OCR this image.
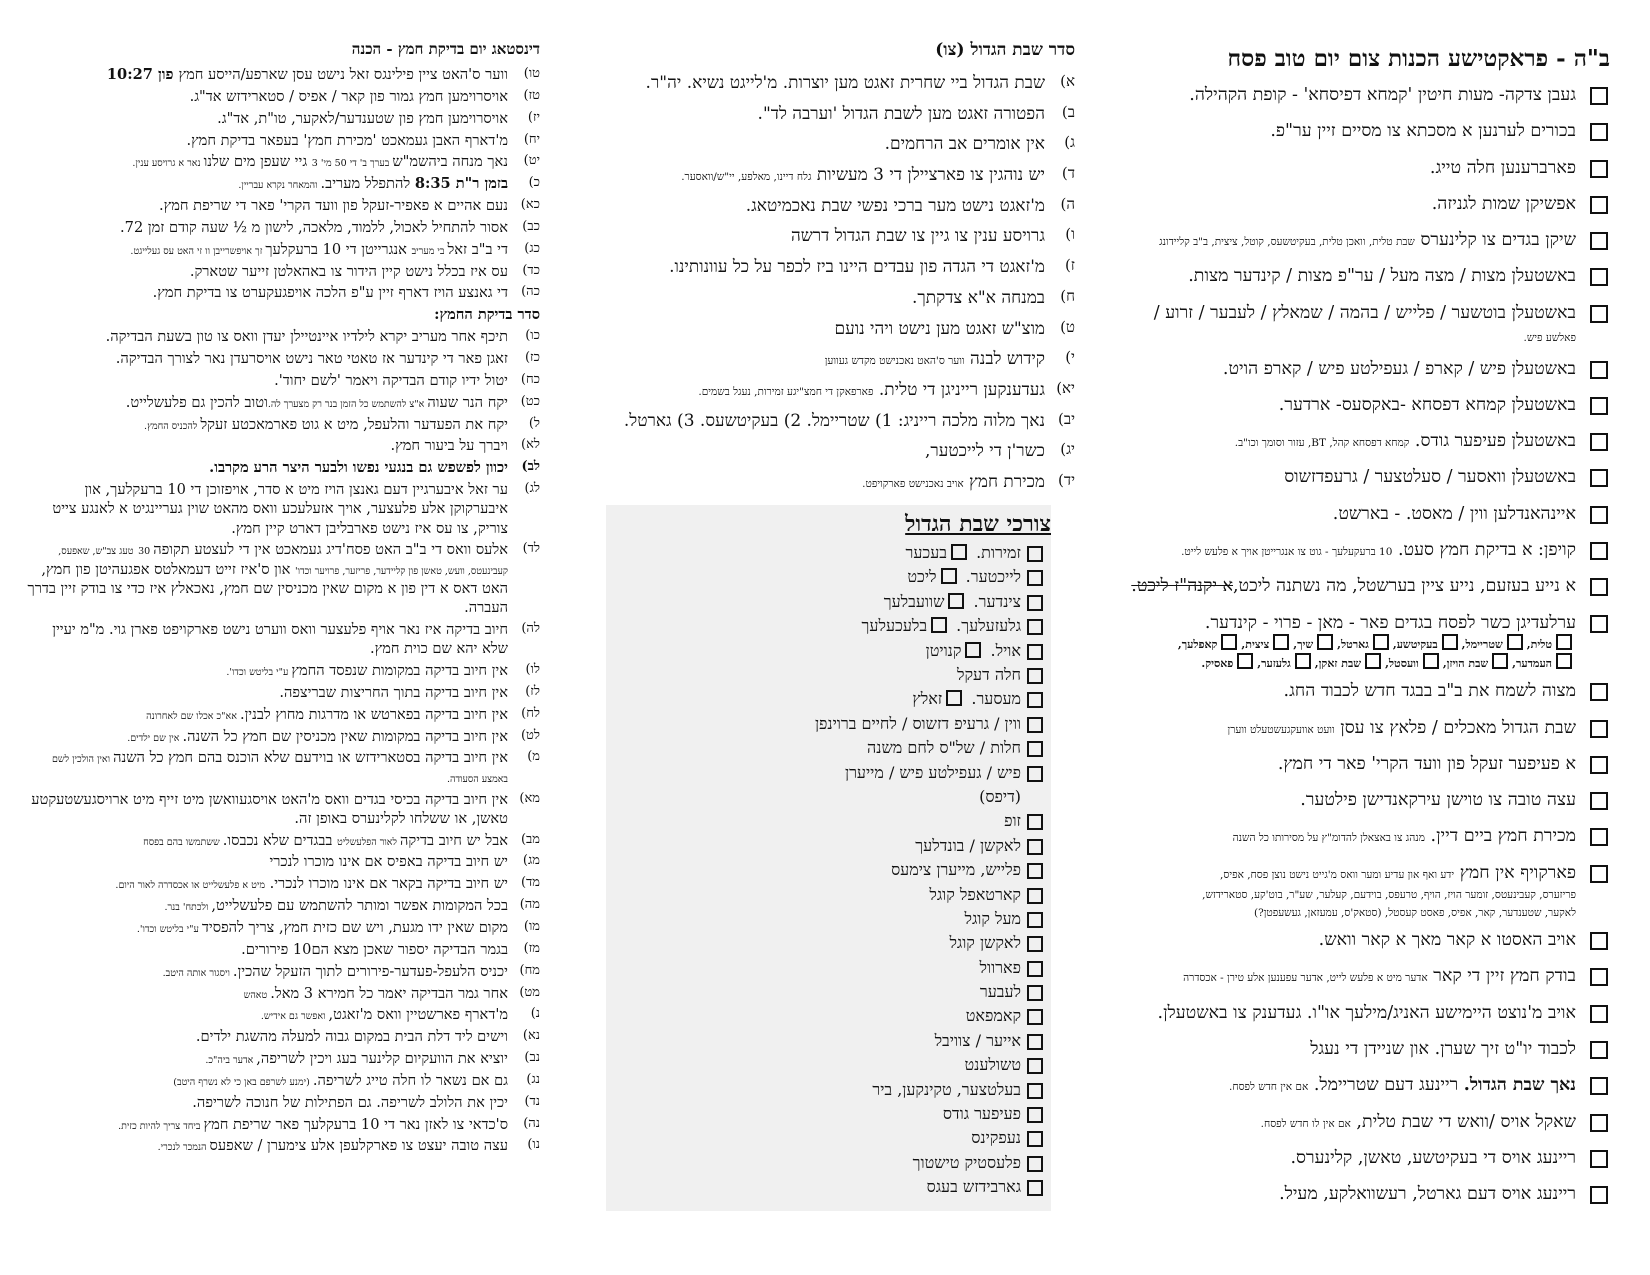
ב"ה - פראקטישע הכנות צום יום טוב פסח
געבן צדקה- מעות חיטין 'קמחא דפיסחא' - קופת הקהילה.
בכורים לערנען א מסכתא צו מסיים זיין ער"פ.
פארברענען חלה טייג.
אפשיקן שמות לגניזה.
שיקן בגדים צו קלינערס שבת טלית, וואכן טלית, בעקיטשעס, קוטל, ציצית, ב"ב קליידונג
באשטעלן מצות / מצה מעל / ער"פ מצות / קינדער מצות.
באשטעלן בוטשער / פלייש / בהמה / שמאלץ / לעבער / זרוע / פאלשע פיש.
באשטעלן פיש / קארפ / געפילטע פיש / קארפ הויט.
באשטעלן קמחא דפסחא -באקסעס- ארדער.
באשטעלן פעיפער גודס. קמחא דפסחא קהל, BT, עזור וסומך וכו"ב.
באשטעלן וואסער / סעלטצער / גרעפדזשוס
איינהאנדלען ווין / מאסט. - בארשט.
קויפן: א בדיקת חמץ סעט. 10 ברעקעלעך - גוט צו אנגרייטן אויך א פלעש לייט.
א נייע בעזעם, נייע ציין בערשטל, מה נשתנה ליכט,א יקנה"ז ליכט.
ערלעדיגן כשר לפסח בגדים פאר - מאן - פרוי - קינדער.
טלית,שטריימל,בעקיטשע,גארטל,שיך,ציצית,קאפלעך,
העמדער,שבת הויזן,וועסטל,שבת זאקן,גלעזער,פאסיק.
מצוה לשמח את ב"ב בבגד חדש לכבוד החג.
שבת הגדול מאכלים / פלאץ צו עסן וועט אוועקגעשטעלט ווערן
א פעיפער זעקל פון וועד הקרי' פאר די חמץ.
עצה טובה צו טוישן עירקאנדישן פילטער.
מכירת חמץ ביים דיין. מנהג צו באצאלן להדומ"ץ על מסירותו כל השנה
פארקויף אין חמץ ידע ואף און עדיע ומער וואס מ'גייט נישט נוצן פסח, אפיס,
פריזערס, קעבינעטס, זומער הויז, הויף, טרעפס, בוידעם, קעלער, שע"ר, בוט'קע, סטארידזש,
לאקער, שטענדער, קאר, אפיס, פאסט קעסטל, (סטאק'ס, עמעזאן, געשעפטן?)
אויב האסטו א קאר מאך א קאר וואש.
בודק חמץ זיין די קאר אדער מיט א פלעש לייט, אדער עפענען אלע טירן - אכסדרה
אויב מ'נוצט היימישע האניג/מילעך או"ו. געדענק צו באשטעלן.
לכבוד יו"ט זיך שערן. און שניידן די נעגל
נאך שבת הגדול. ריינעג דעם שטריימל. אם אין חדש לפסח.
שאקל אויס /וואש די שבת טלית, אם אין לו חדש לפסח.
ריינעג אויס די בעקיטשע, טאשן, קלינערס.
ריינעג אויס דעם גארטל, רעשוואלקע, מעיל.
סדר שבת הגדול (צו)
א)
שבת הגדול ביי שחרית זאגט מען יוצרות. מ'לייגט נשיא. יה"ר.
ב)
הפטורה זאגט מען לשבת הגדול 'וערבה לד".
ג)
אין אומרים אב הרחמים.
ד)
יש נוהגין צו פארציילן די 3 מעשיות גלח דיינו, מאלפע, יי"ש/וואסער.
ה)
מ'זאגט נישט מער ברכי נפשי שבת נאכמיטאג.
ו)
גרויסע ענין צו גיין צו שבת הגדול דרשה
ז)
מ'זאגט די הגדה פון עבדים היינו ביז לכפר על כל עוונותינו.
ח)
במנחה א"א צדקתך.
ט)
מוצ"ש זאגט מען נישט ויהי נועם
י)
קידוש לבנה ווער ס'האט נאכנישט מקדש געווען
יא)
געדענקען רייניגן די טלית. פארפאקן די חמצ"יגע זמירות, נעגל בשמים.
יב)
נאך מלוה מלכה רייניג: 1) שטריימל. 2) בעקיטשעס. 3) גארטל.
יג)
כשר'ן די לייכטער,
יד)
מכירת חמץ אויב נאכנישט פארקויפט.
צורכי שבת הגדול
זמירות. בעכער
לייכטער. ליכט
צינדער. שוועבלעך
גלעזעלעך. בלעכעלעך
אויל. קנויטן
חלה דעקל
מעסער. זאלץ
ווין / גרעיפ דזשוס / לחיים ברוינפן
חלות / של"ס לחם משנה
פיש / געפילטע פיש / מייערן
(דיפס)
זופ
לאקשן / בונדלעך
פלייש, מייערן צימעס
קארטאפל קוגל
מעל קוגל
לאקשן קוגל
פארוול
לעבער
קאמפאט
אייער / צוויבל
טשולענט
בעלטצער, טקינקען, ביר
פעיפער גודס
נעפקינס
פלעסטיק טישטוך
גארבידזש בעגס
דינסטאג יום בדיקת חמץ - הכנה
טו)
ווער ס'האט ציין פילינגס זאל נישט עסן שארפע/הייסע חמץ פון 10:27
טז)
אויסרוימען חמץ גמור פון קאר / אפיס / סטארידזש אד"ג.
יז)
אויסרוימען חמץ פון שטענדער/לאקער, טו"ת, אד"ג.
יח)
מ'דארף האבן געמאכט 'מכירת חמץ' בעפאר בדיקת חמץ.
יט)
נאך מנחה ביהשמ"ש בערך ב' די 50 מי' 3 גיי שעפן מים שלנו נאר א גרויסע ענין.
כ)
בזמן ר"ת 8:35 להתפלל מעריב. והמאחר נקרא עבריין.
כא)
נעם אהיים א פאפיר-זעקל פון וועד הקרי' פאר די שריפת חמץ.
כב)
אסור להתחיל לאכול, ללמוד, מלאכה, לישון מ ½ שעה קודם זמן 72.
כג)
די ב"ב זאל בי מעריב אנגרייטן די 10 ברעקלעך זך אויפשרייבן וו זי האט עס געלייגט.
כד)
עס איז בכלל נישט קיין הידור צו באהאלטן זייער שטארק.
כה)
די גאנצע הויז דארף זיין ע"פ הלכה אויפגעקערט צו בדיקת חמץ.
סדר בדיקת החמץ:
כו)
תיכף אחר מעריב יקרא לילדיו איינטיילן יעדן וואס צו טון בשעת הבדיקה.
כז)
זאגן פאר די קינדער אז טאטי טאר נישט אויסרעדן נאר לצורך הבדיקה.
כח)
יטול ידיו קודם הבדיקה ויאמר 'לשם יחוד'.
כט)
יקח הנר שעוה א"צ להשתמש כל הזמן בנר רק מצערך לה.וטוב להכין גם פלעשלייט.
ל)
יקח את הפעדער והלעפל, מיט א גוט פארמאכטע זעקל להכניס החמץ.
לא)
ויברך על ביעור חמץ.
לב)
יכוון לפשפש גם בנגעי נפשו ולבער היצר הרע מקרבו.
לג)
ער זאל איבערגיין דעם גאנצן הויז מיט א סדר, אויפזוכן די 10 ברעקלעך, און איבערקוקן אלע פלעצער, אויך אזעלעכע וואס מהאט שוין געריינגיט א לאנגע צייט צוריק, צו עס איז נישט פארבליבן דארט קיין חמץ.
לד)
אלעס וואס די ב"ב האט פסח'דיג געמאכט אין די לעצטע תקופה 30 טעג צב"ש, שאפעס, קעבינעטס, וועש, טאשן פון קליידער, פריזער, פרויער וכדו' און ס'איז זייט דעמאלטס אפגעהיטן פון חמץ, האט דאס א דין פון א מקום שאין מכניסין שם חמץ, נאכאלץ איז כדי צו בודק זיין בדרך העברה.
לה)
חיוב בדיקה איז נאר אויף פלעצער וואס ווערט נישט פארקויפט פארן גוי. מ"מ יעיין שלא יהא שם כוית חמץ.
לו)
אין חיוב בדיקה במקומות שנפסד החמץ ע"י בליטש וכדו'.
לז)
אין חיוב בדיקה בתוך החריצות שבריצפה.
לח)
אין חיוב בדיקה בפארטש או מדרגות מחוץ לבנין. אא"כ אכלו שם לאחרונה
לט)
אין חיוב בדיקה במקומות שאין מכניסין שם חמץ כל השנה. אין שם ילדים.
מ)
אין חיוב בדיקה בסטארידזש או בוידעם שלא הוכנס בהם חמץ כל השנה ואין הולכין לשם באמצע הסעודה.
מא)
אין חיוב בדיקה בכיסי בגדים וואס מ'האט אויסגעוואשן מיט זייף מיט ארויסגעשטעקטע טאשן, או ששלחו לקלינערס באופן זה.
מב)
אבל יש חיוב בדיקה לאור הפלעשליט בבגדים שלא נכבסו. ששתמשו בהם בפסח
מג)
יש חיוב בדיקה באפיס אם אינו מוכרו לנכרי
מד)
יש חיוב בדיקה בקאר אם אינו מוכרו לנכרי. מיט א פלעשלייט או אכסדרה לאור היום.
מה)
בכל המקומות אפשר ומותר להשתמש עם פלעשלייט, ולכתח' בנר.
מו)
מקום שאין ידו מגעת, ויש שם כזית חמץ, צריך להפסיד ע"י בליטש וכדו'.
מז)
בגמר הבדיקה יספור שאכן מצא הם10 פירורים.
מח)
יכניס הלעפל-פעדער-פירורים לתוך הזעקל שהכין. ויסגור אותה היטב.
מט)
אחר גמר הבדיקה יאמר כל חמירא 3 מאל. טאהש
נ)
מ'דארף פארשטיין וואס מ'זאגט, ואפשר גם אידיש.
נא)
וישים ליד דלת הבית במקום גבוה למעלה מהשגת ילדים.
נב)
יוציא את הוועקיום קלינער בעג ויכין לשריפה, אדער ביה"כ.
נג)
גם אם נשאר לו חלה טייג לשריפה. (ימנע לשרפם באן כי לא נשרף היטב)
נד)
יכין את הלולב לשריפה. גם הפתילות של חנוכה לשריפה.
נה)
ס'כדאי צו לאזן נאר די 10 ברעקלעך פאר שריפת חמץ ביחד צריך להיות כזית.
נו)
עצה טובה יעצט צו פארקלעפן אלע צימערן / שאפעס הנמכר לנכרי.
